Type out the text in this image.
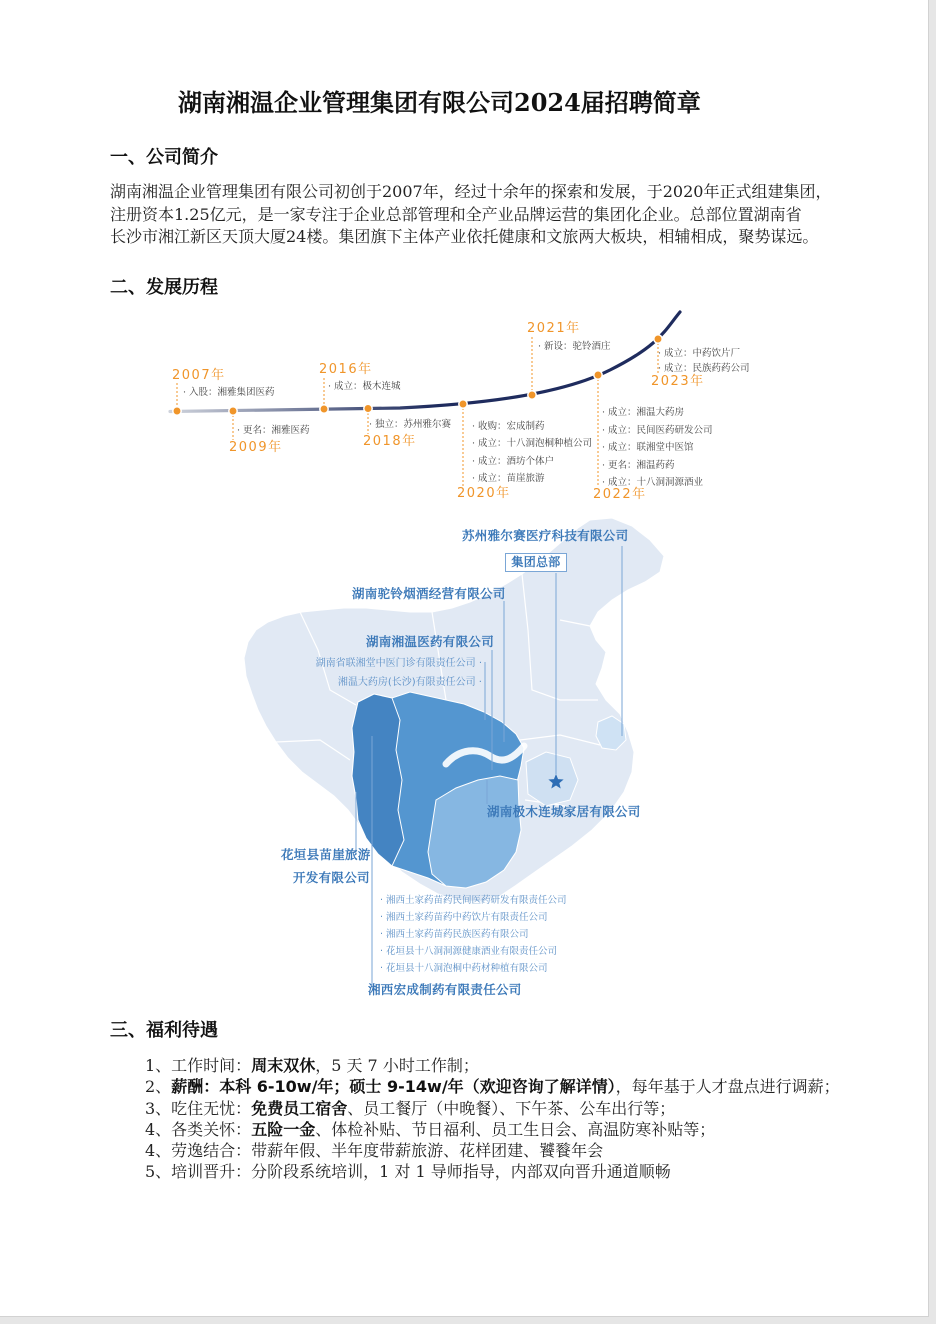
湖南湘温企业管理集团有限公司2024届招聘简章
一、公司简介
湖南湘温企业管理集团有限公司初创于2007年，经过十余年的探索和发展，于2020年正式组建集团，
注册资本1.25亿元，是一家专注于企业总部管理和全产业品牌运营的集团化企业。总部位置湖南省
长沙市湘江新区天顶大厦24楼。集团旗下主体产业依托健康和文旅两大板块，相辅相成，聚势谋远。
二、发展历程
2007年
· 入股：湘雅集团医药
2009年
· 更名：湘雅医药
2016年
· 成立：极木连城
2018年
· 独立：苏州雅尔赛
2020年
· 收购：宏成制药
· 成立：十八洞泡桐种植公司
· 成立：酒坊个体户
· 成立：苗崖旅游
2021年
· 新设：驼铃酒庄
2022年
· 成立：湘温大药房
· 成立：民间医药研发公司
· 成立：联湘堂中医馆
· 更名：湘温药药
· 成立：十八洞洞源酒业
2023年
· 成立：中药饮片厂
· 成立：民族药药公司
苏州雅尔赛医疗科技有限公司
集团总部
湖南驼铃烟酒经营有限公司
湖南湘温医药有限公司
湖南省联湘堂中医门诊有限责任公司 ·
湘温大药房(长沙)有限责任公司 ·
湖南极木连城家居有限公司
花垣县苗崖旅游
开发有限公司
· 湘西土家药苗药民间医药研发有限责任公司
· 湘西土家药苗药中药饮片有限责任公司
· 湘西土家药苗药民族医药有限公司
· 花垣县十八洞洞源健康酒业有限责任公司
· 花垣县十八洞泡桐中药材种植有限公司
湘西宏成制药有限责任公司
三、福利待遇
1、工作时间：周末双休，5 天 7 小时工作制；
2、薪酬：本科 6-10w/年；硕士 9-14w/年（欢迎咨询了解详情），每年基于人才盘点进行调薪；
3、吃住无忧：免费员工宿舍、员工餐厅（中晚餐）、下午茶、公车出行等；
4、各类关怀：五险一金、体检补贴、节日福利、员工生日会、高温防寒补贴等；
4、劳逸结合：带薪年假、半年度带薪旅游、花样团建、饕餮年会
5、培训晋升：分阶段系统培训，1 对 1 导师指导，内部双向晋升通道顺畅
